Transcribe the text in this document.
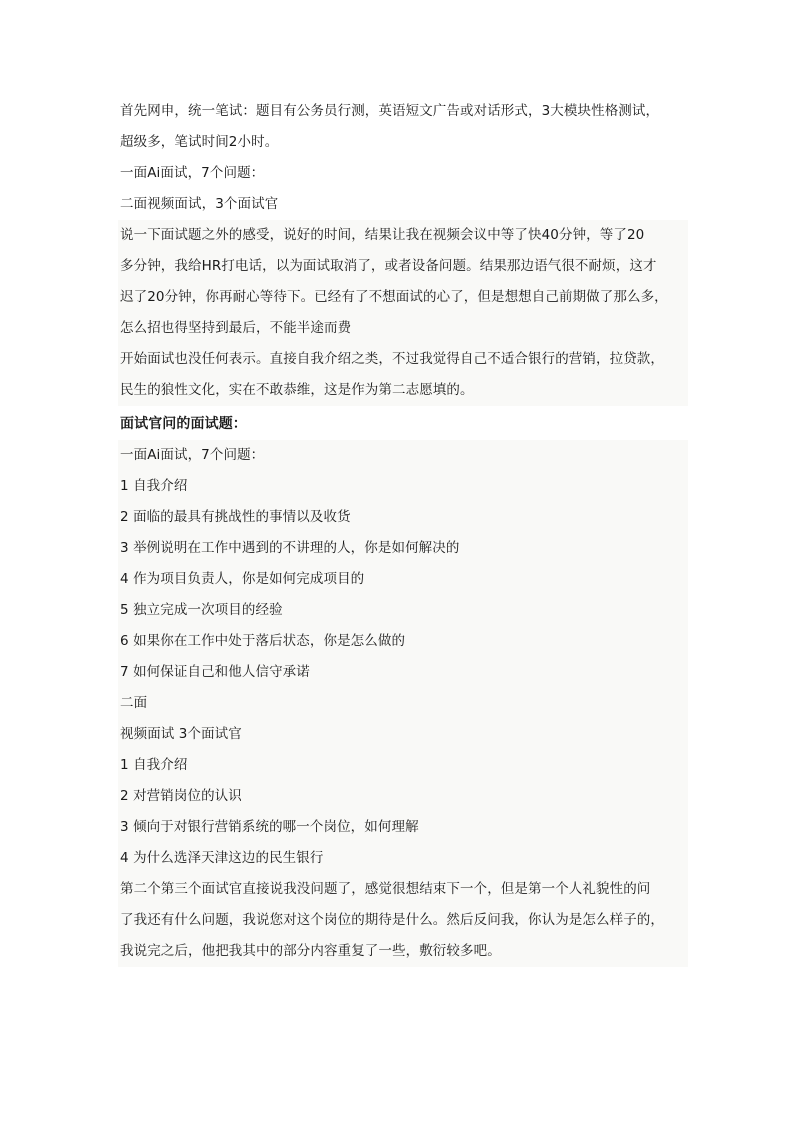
首先网申，统一笔试：题目有公务员行测，英语短文广告或对话形式，3大模块性格测试，
超级多，笔试时间2小时。
一面Ai面试，7个问题：
二面视频面试，3个面试官
说一下面试题之外的感受，说好的时间，结果让我在视频会议中等了快40分钟，等了20
多分钟，我给HR打电话，以为面试取消了，或者设备问题。结果那边语气很不耐烦，这才
迟了20分钟，你再耐心等待下。已经有了不想面试的心了，但是想想自己前期做了那么多，
怎么招也得坚持到最后，不能半途而费
开始面试也没任何表示。直接自我介绍之类，不过我觉得自己不适合银行的营销，拉贷款，
民生的狼性文化，实在不敢恭维，这是作为第二志愿填的。
面试官问的面试题：
一面Ai面试，7个问题：
1 自我介绍
2 面临的最具有挑战性的事情以及收货
3 举例说明在工作中遇到的不讲理的人，你是如何解决的
4 作为项目负责人，你是如何完成项目的
5 独立完成一次项目的经验
6 如果你在工作中处于落后状态，你是怎么做的
7 如何保证自己和他人信守承诺
二面
视频面试 3个面试官
1 自我介绍
2 对营销岗位的认识
3 倾向于对银行营销系统的哪一个岗位，如何理解
4 为什么选泽天津这边的民生银行
第二个第三个面试官直接说我没问题了，感觉很想结束下一个，但是第一个人礼貌性的问
了我还有什么问题，我说您对这个岗位的期待是什么。然后反问我，你认为是怎么样子的，
我说完之后，他把我其中的部分内容重复了一些，敷衍较多吧。
